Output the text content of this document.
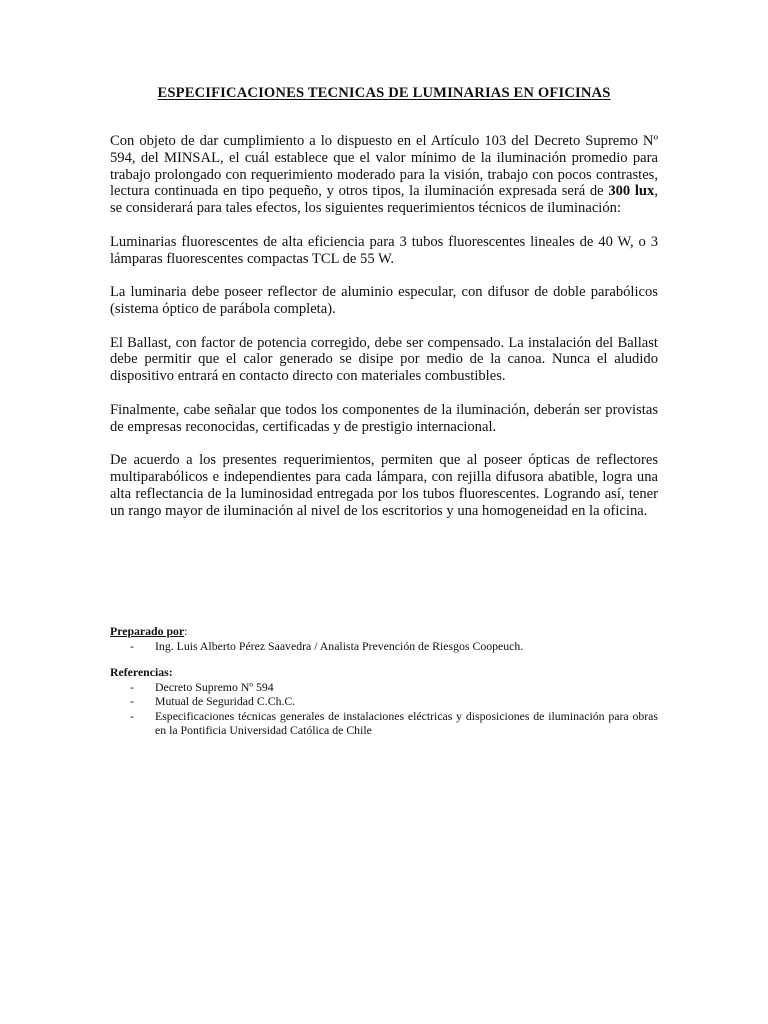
ESPECIFICACIONES TECNICAS DE LUMINARIAS EN OFICINAS

Con objeto de dar cumplimiento a lo dispuesto en el Artículo 103 del Decreto Supremo Nº 594, del MINSAL, el cuál establece que el valor mínimo de la iluminación promedio para trabajo prolongado con requerimiento moderado para la visión, trabajo con pocos contrastes, lectura continuada en tipo pequeño, y otros tipos, la iluminación expresada será de 300 lux, se considerará para tales efectos, los siguientes requerimientos técnicos de iluminación:

Luminarias fluorescentes de alta eficiencia para 3 tubos fluorescentes lineales de 40 W, o 3 lámparas fluorescentes compactas TCL de 55 W.

La luminaria debe poseer reflector de aluminio especular, con difusor de doble parabólicos (sistema óptico de parábola completa).

El Ballast, con factor de potencia corregido, debe ser compensado. La instalación del Ballast debe permitir que el calor generado se disipe por medio de la canoa. Nunca el aludido dispositivo entrará en contacto directo con materiales combustibles.

Finalmente, cabe señalar que todos los componentes de la iluminación, deberán ser provistas de empresas reconocidas, certificadas y de prestigio internacional.

De acuerdo a los presentes requerimientos, permiten que al poseer ópticas de reflectores multiparabólicos e independientes para cada lámpara, con rejilla difusora abatible, logra una alta reflectancia de la luminosidad entregada por los tubos fluorescentes. Logrando así, tener un rango mayor de iluminación al nivel de los escritorios y una homogeneidad en la oficina.

Preparado por:
- Ing. Luis Alberto Pérez Saavedra / Analista Prevención de Riesgos Coopeuch.
Referencias:
- Decreto Supremo Nº 594
- Mutual de Seguridad C.Ch.C.
- Especificaciones técnicas generales de instalaciones eléctricas y disposiciones de iluminación para obras en la Pontificia Universidad Católica de Chile
